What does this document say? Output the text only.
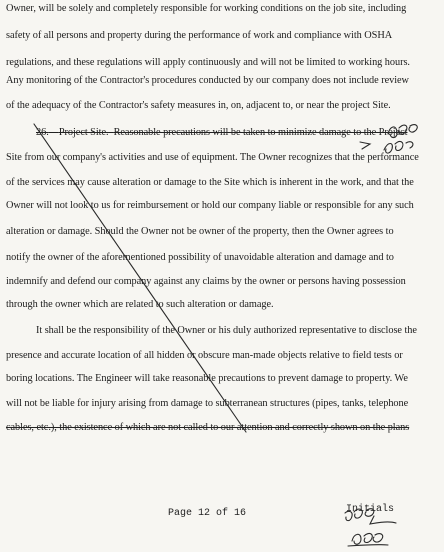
Owner, will be solely and completely responsible for working conditions on the job site, including
safety of all persons and property during the performance of work and compliance with OSHA
regulations, and these regulations will apply continuously and will not be limited to working hours.
Any monitoring of the Contractor's procedures conducted by our company does not include review
of the adequacy of the Contractor's safety measures in, on, adjacent to, or near the project Site.
26. Project Site. Reasonable precautions will be taken to minimize damage to the Project
Site from our company's activities and use of equipment. The Owner recognizes that the performance
of the services may cause alteration or damage to the Site which is inherent in the work, and that the
Owner will not look to us for reimbursement or hold our company liable or responsible for any such
alteration or damage. Should the Owner not be owner of the property, then the Owner agrees to
notify the owner of the aforementioned possibility of unavoidable alteration and damage and to
indemnify and defend our company against any claims by the owner or persons having possession
through the owner which are related to such alteration or damage.
It shall be the responsibility of the Owner or his duly authorized representative to disclose the
presence and accurate location of all hidden or obscure man-made objects relative to field tests or
boring locations. The Engineer will take reasonable precautions to prevent damage to property. We
will not be liable for injury arising from damage to subterranean structures (pipes, tanks, telephone
cables, etc.), the existence of which are not called to our attention and correctly shown on the plans
Page 12 of 16	Initials
